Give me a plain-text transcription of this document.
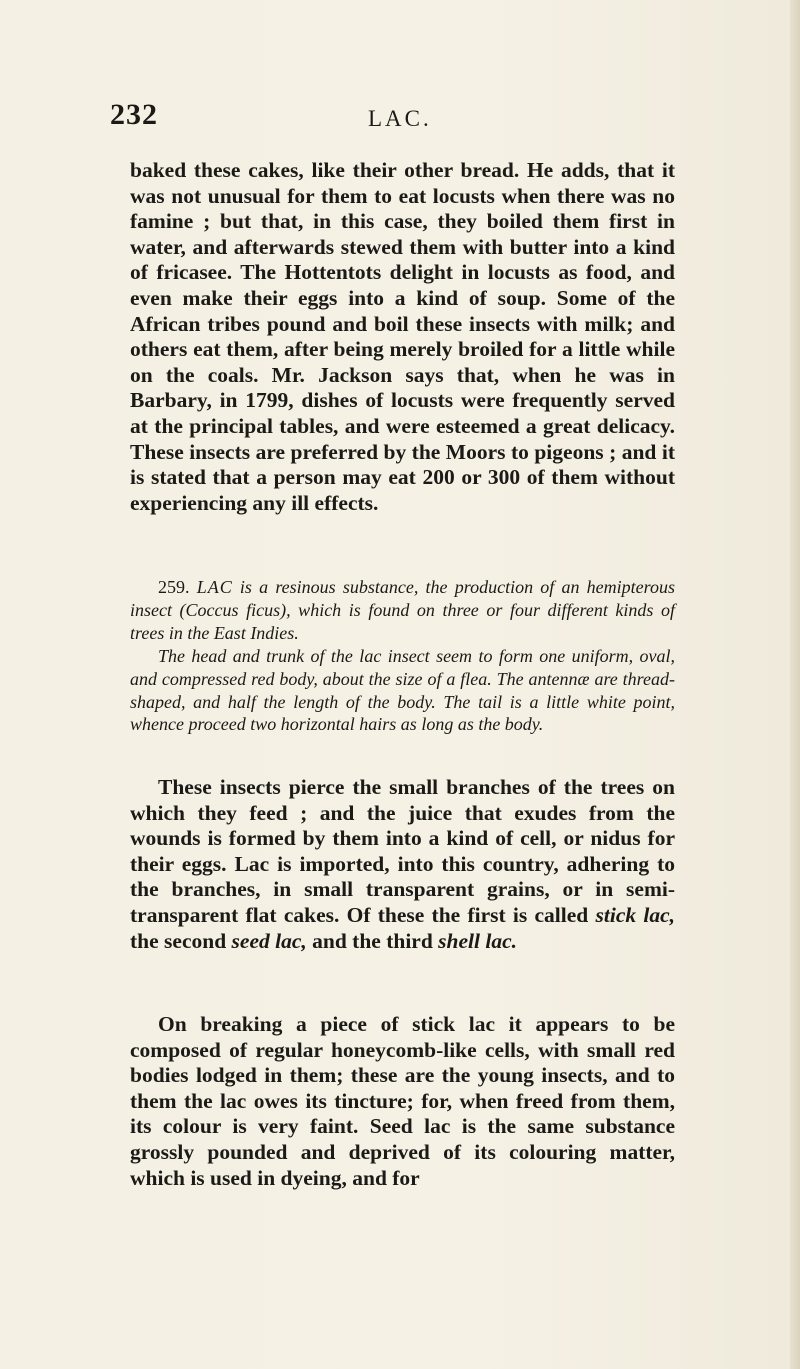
232	LAC.

baked these cakes, like their other bread. He adds, that it was not unusual for them to eat locusts when there was no famine ; but that, in this case, they boiled them first in water, and afterwards stewed them with butter into a kind of fricasee. The Hottentots delight in locusts as food, and even make their eggs into a kind of soup. Some of the African tribes pound and boil these insects with milk; and others eat them, after being merely broiled for a little while on the coals. Mr. Jackson says that, when he was in Barbary, in 1799, dishes of locusts were frequently served at the principal tables, and were esteemed a great delicacy. These insects are preferred by the Moors to pigeons ; and it is stated that a person may eat 200 or 300 of them without experiencing any ill effects.

259. LAC is a resinous substance, the production of an hemipterous insect (Coccus ficus), which is found on three or four different kinds of trees in the East Indies.

The head and trunk of the lac insect seem to form one uniform, oval, and compressed red body, about the size of a flea. The antennæ are thread-shaped, and half the length of the body. The tail is a little white point, whence proceed two horizontal hairs as long as the body.

These insects pierce the small branches of the trees on which they feed ; and the juice that exudes from the wounds is formed by them into a kind of cell, or nidus for their eggs. Lac is imported, into this country, adhering to the branches, in small transparent grains, or in semi-transparent flat cakes. Of these the first is called stick lac, the second seed lac, and the third shell lac.

On breaking a piece of stick lac it appears to be composed of regular honeycomb-like cells, with small red bodies lodged in them; these are the young insects, and to them the lac owes its tincture; for, when freed from them, its colour is very faint. Seed lac is the same substance grossly pounded and deprived of its colouring matter, which is used in dyeing, and for
